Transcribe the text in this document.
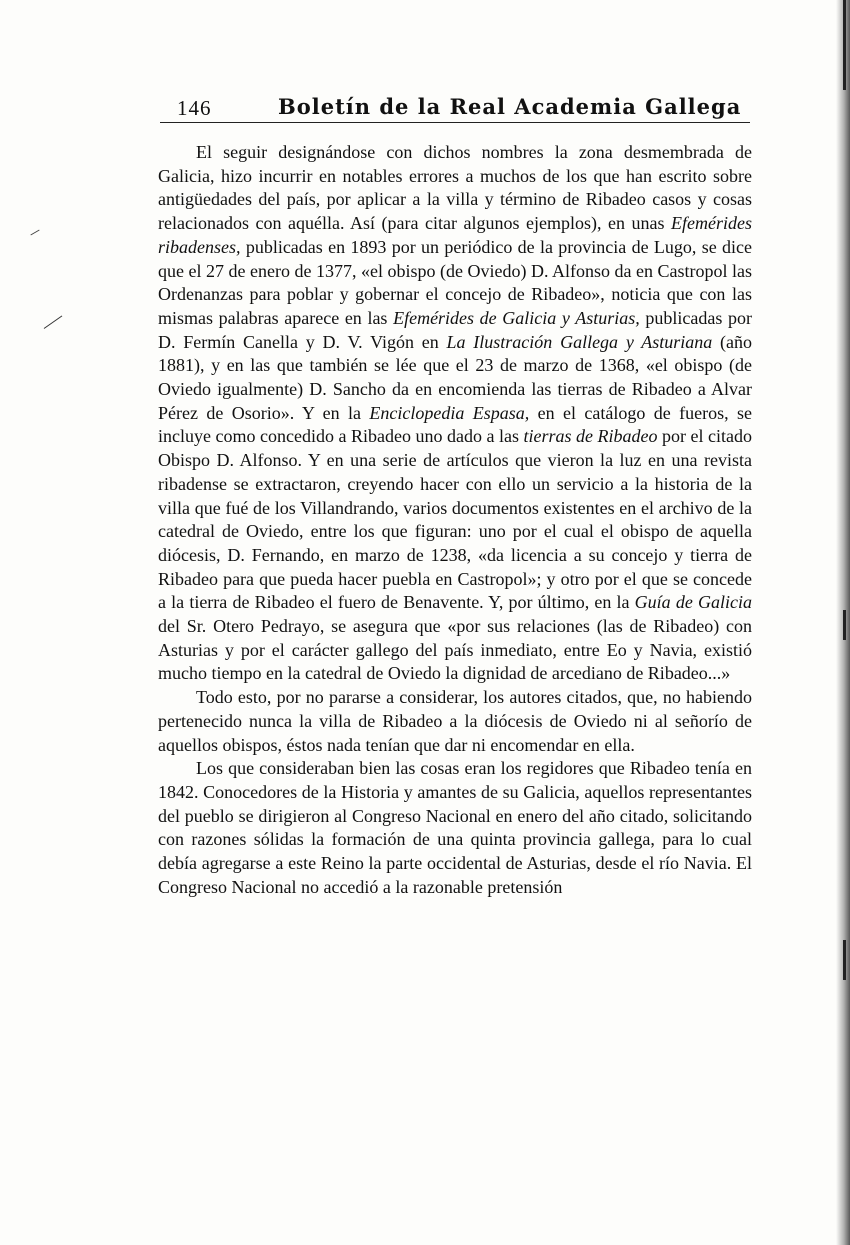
146	Boletín de la Real Academia Gallega

El seguir designándose con dichos nombres la zona desmembrada de Galicia, hizo incurrir en notables errores a muchos de los que han escrito sobre antigüedades del país, por aplicar a la villa y término de Ribadeo casos y cosas relacionados con aquélla. Así (para citar algunos ejemplos), en unas Efemérides ribadenses, publicadas en 1893 por un periódico de la provincia de Lugo, se dice que el 27 de enero de 1377, «el obispo (de Oviedo) D. Alfonso da en Castropol las Ordenanzas para poblar y gobernar el concejo de Ribadeo», noticia que con las mismas palabras aparece en las Efemérides de Galicia y Asturias, publicadas por D. Fermín Canella y D. V. Vigón en La Ilustración Gallega y Asturiana (año 1881), y en las que también se lée que el 23 de marzo de 1368, «el obispo (de Oviedo igualmente) D. Sancho da en encomienda las tierras de Ribadeo a Alvar Pérez de Osorio». Y en la Enciclopedia Espasa, en el catálogo de fueros, se incluye como concedido a Ribadeo uno dado a las tierras de Ribadeo por el citado Obispo D. Alfonso. Y en una serie de artículos que vieron la luz en una revista ribadense se extractaron, creyendo hacer con ello un servicio a la historia de la villa que fué de los Villandrando, varios documentos existentes en el archivo de la catedral de Oviedo, entre los que figuran: uno por el cual el obispo de aquella diócesis, D. Fernando, en marzo de 1238, «da licencia a su concejo y tierra de Ribadeo para que pueda hacer puebla en Castropol»; y otro por el que se concede a la tierra de Ribadeo el fuero de Benavente. Y, por último, en la Guía de Galicia del Sr. Otero Pedrayo, se asegura que «por sus relaciones (las de Ribadeo) con Asturias y por el carácter gallego del país inmediato, entre Eo y Navia, existió mucho tiempo en la catedral de Oviedo la dignidad de arcediano de Ribadeo...»

Todo esto, por no pararse a considerar, los autores citados, que, no habiendo pertenecido nunca la villa de Ribadeo a la diócesis de Oviedo ni al señorío de aquellos obispos, éstos nada tenían que dar ni encomendar en ella.

Los que consideraban bien las cosas eran los regidores que Ribadeo tenía en 1842. Conocedores de la Historia y amantes de su Galicia, aquellos representantes del pueblo se dirigieron al Congreso Nacional en enero del año citado, solicitando con razones sólidas la formación de una quinta provincia gallega, para lo cual debía agregarse a este Reino la parte occidental de Asturias, desde el río Navia. El Congreso Nacional no accedió a la razonable pretensión
